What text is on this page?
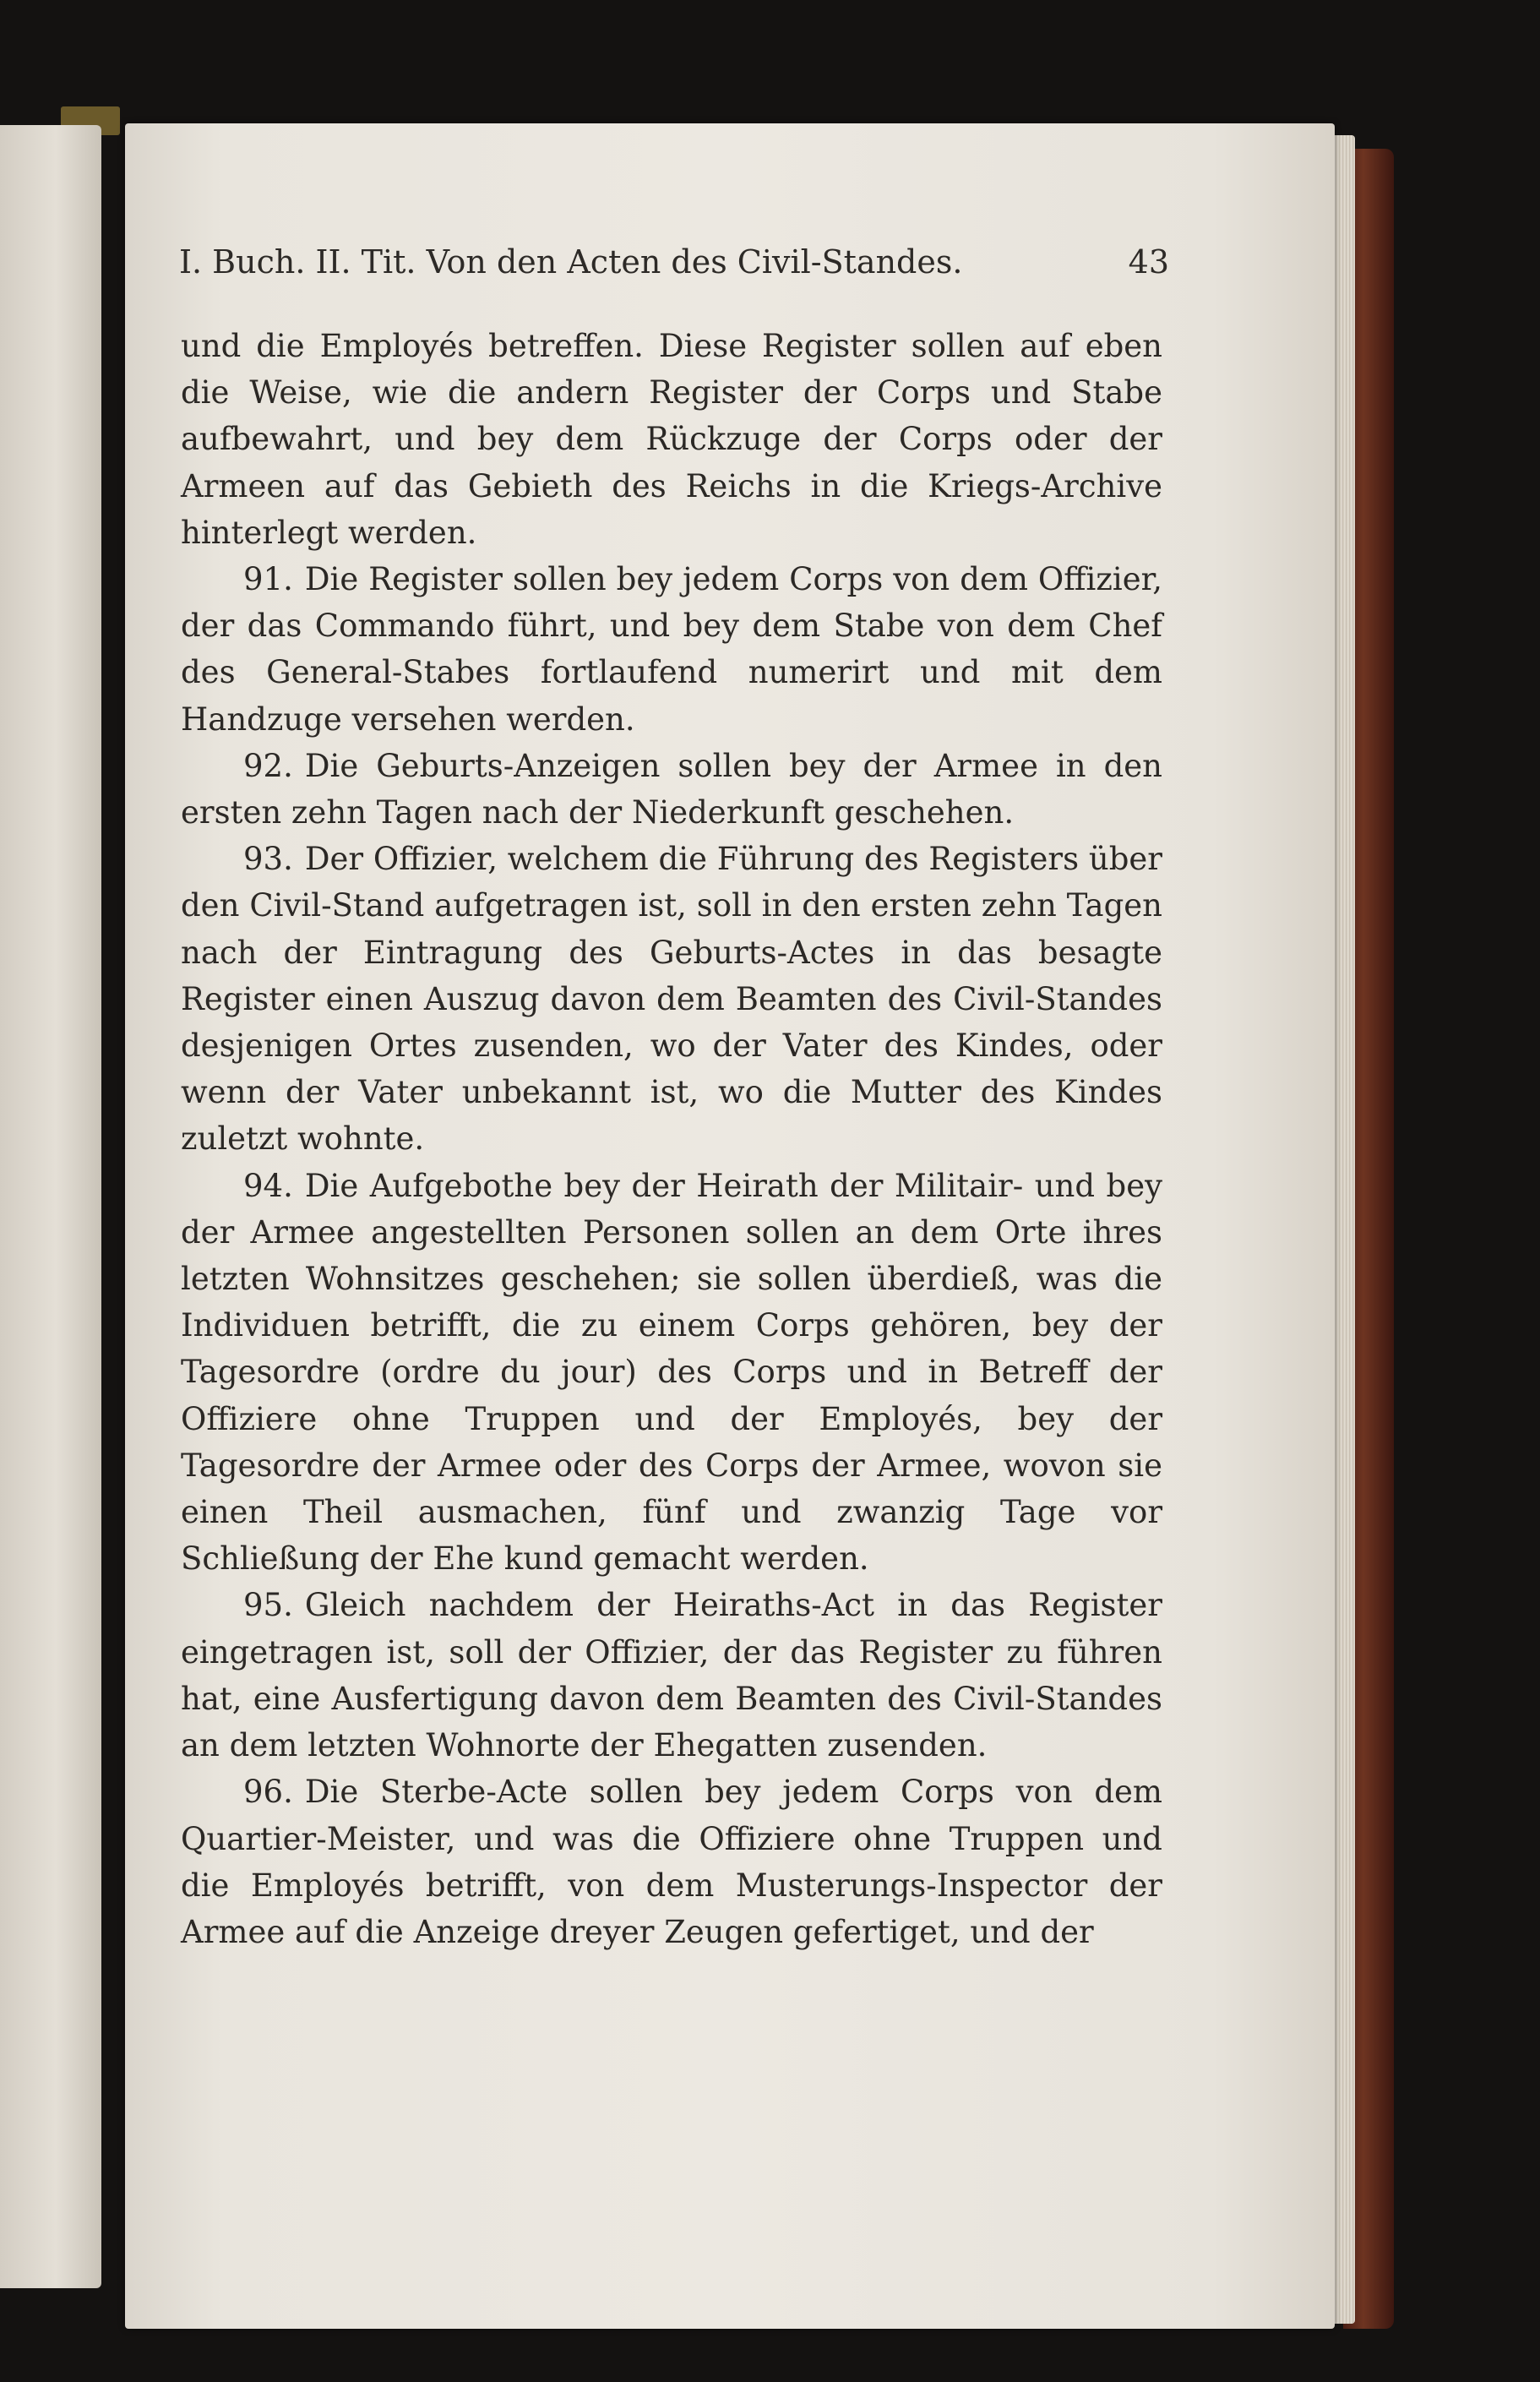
I. Buch. II. Tit. Von den Acten des Civil-Standes.	43

und die Employés betreffen. Diese Register sollen auf eben die Weise, wie die andern Register der Corps und Stabe aufbewahrt, und bey dem Rückzuge der Corps oder der Armeen auf das Gebieth des Reichs in die Kriegs-Archive hinterlegt werden.

91. Die Register sollen bey jedem Corps von dem Offizier, der das Commando führt, und bey dem Stabe von dem Chef des General-Stabes fortlaufend numerirt und mit dem Handzuge versehen werden.

92. Die Geburts-Anzeigen sollen bey der Armee in den ersten zehn Tagen nach der Niederkunft geschehen.

93. Der Offizier, welchem die Führung des Registers über den Civil-Stand aufgetragen ist, soll in den ersten zehn Tagen nach der Eintragung des Geburts-Actes in das besagte Register einen Auszug davon dem Beamten des Civil-Standes desjenigen Ortes zusenden, wo der Vater des Kindes, oder wenn der Vater unbekannt ist, wo die Mutter des Kindes zuletzt wohnte.

94. Die Aufgebothe bey der Heirath der Militair- und bey der Armee angestellten Personen sollen an dem Orte ihres letzten Wohnsitzes geschehen; sie sollen überdieß, was die Individuen betrifft, die zu einem Corps gehören, bey der Tagesordre (ordre du jour) des Corps und in Betreff der Offiziere ohne Truppen und der Employés, bey der Tagesordre der Armee oder des Corps der Armee, wovon sie einen Theil ausmachen, fünf und zwanzig Tage vor Schließung der Ehe kund gemacht werden.

95. Gleich nachdem der Heiraths-Act in das Register eingetragen ist, soll der Offizier, der das Register zu führen hat, eine Ausfertigung davon dem Beamten des Civil-Standes an dem letzten Wohnorte der Ehegatten zusenden.

96. Die Sterbe-Acte sollen bey jedem Corps von dem Quartier-Meister, und was die Offiziere ohne Truppen und die Employés betrifft, von dem Musterungs-Inspector der Armee auf die Anzeige dreyer Zeugen gefertiget, und der
